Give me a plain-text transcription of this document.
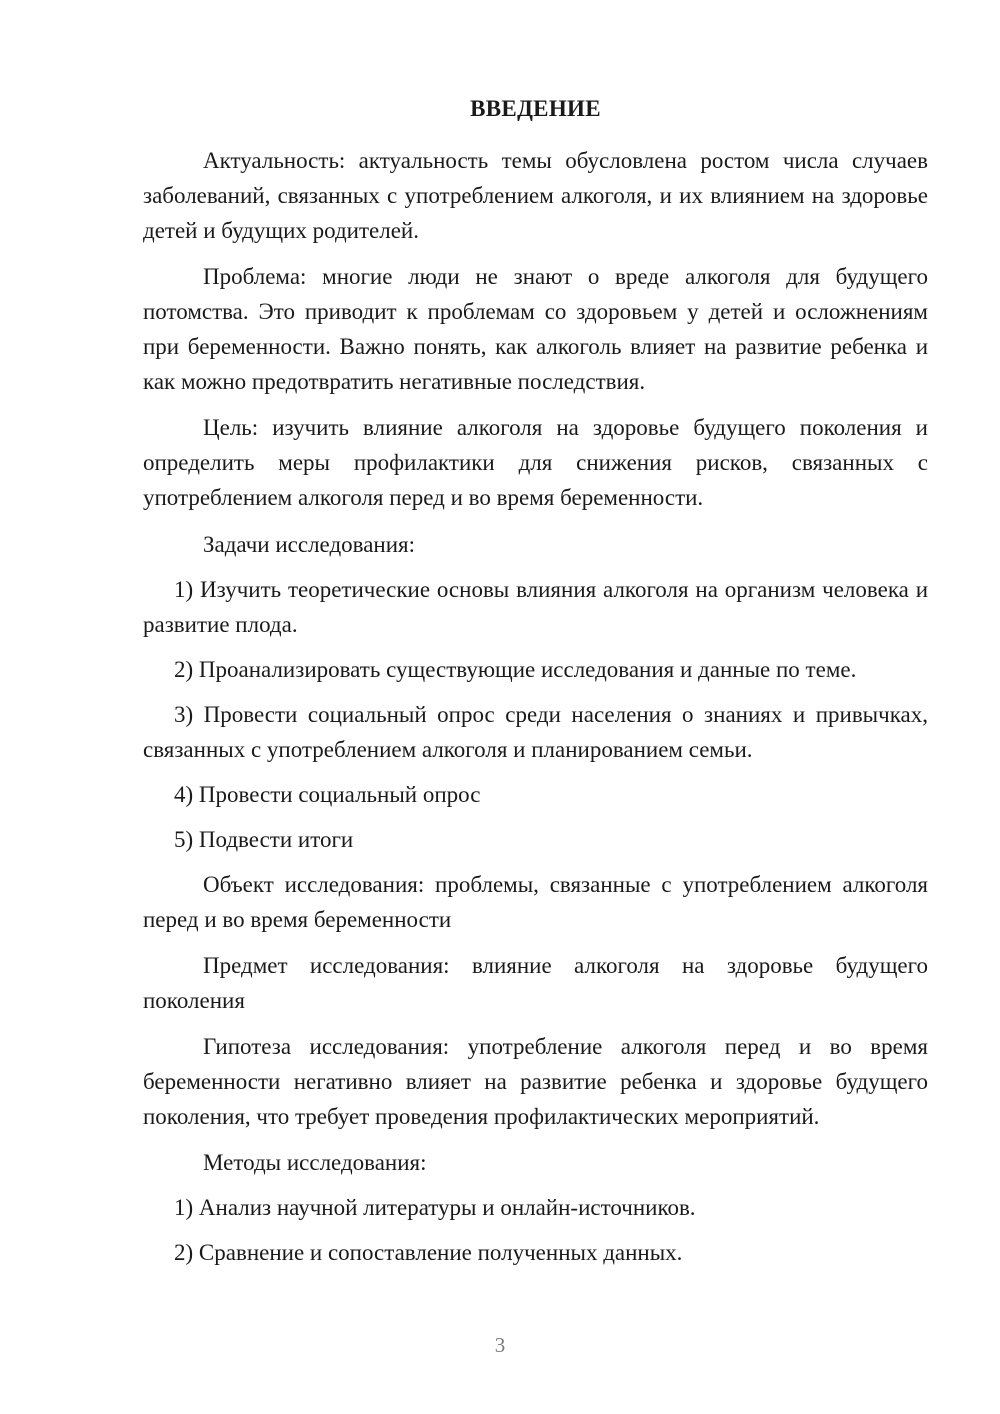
ВВЕДЕНИЕ

Актуальность: актуальность темы обусловлена ростом числа случаев заболеваний, связанных с употреблением алкоголя, и их влиянием на здоровье детей и будущих родителей.

Проблема: многие люди не знают о вреде алкоголя для будущего потомства. Это приводит к проблемам со здоровьем у детей и осложнениям при беременности. Важно понять, как алкоголь влияет на развитие ребенка и как можно предотвратить негативные последствия.

Цель: изучить влияние алкоголя на здоровье будущего поколения и определить меры профилактики для снижения рисков, связанных с употреблением алкоголя перед и во время беременности.

Задачи исследования:

1) Изучить теоретические основы влияния алкоголя на организм человека и развитие плода.

2) Проанализировать существующие исследования и данные по теме.

3) Провести социальный опрос среди населения о знаниях и привычках, связанных с употреблением алкоголя и планированием семьи.

4) Провести социальный опрос

5) Подвести итоги

Объект исследования: проблемы, связанные с употреблением алкоголя перед и во время беременности

Предмет исследования: влияние алкоголя на здоровье будущего поколения

Гипотеза исследования: употребление алкоголя перед и во время беременности негативно влияет на развитие ребенка и здоровье будущего поколения, что требует проведения профилактических мероприятий.

Методы исследования:

1) Анализ научной литературы и онлайн-источников.

2) Сравнение и сопоставление полученных данных.

3
